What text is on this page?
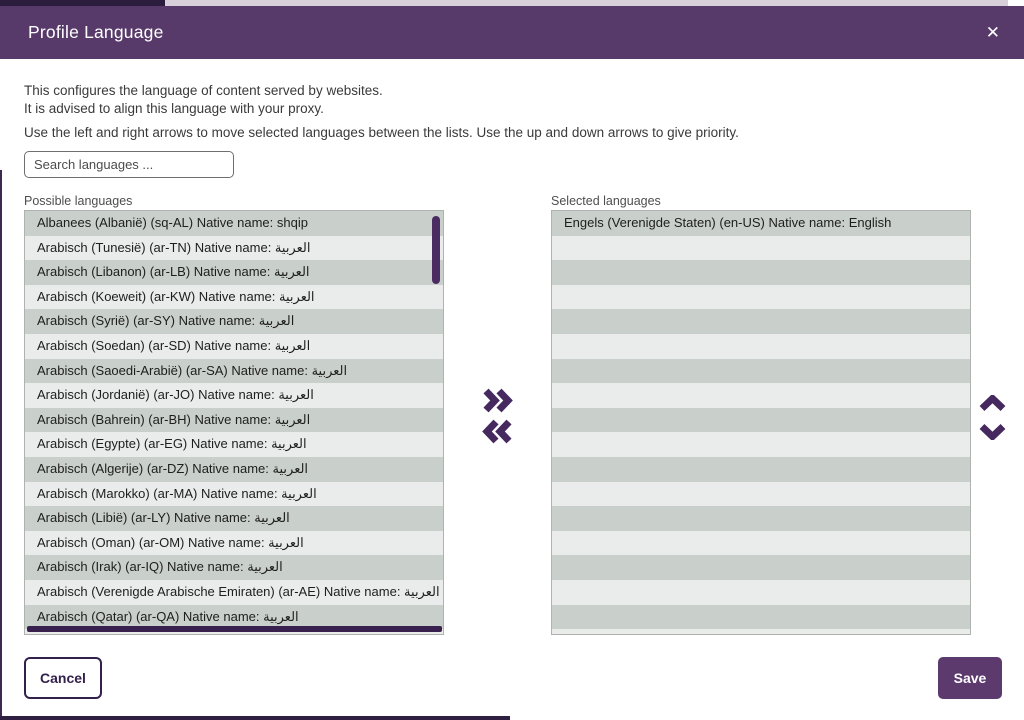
Profile Language	✕
This configures the language of content served by websites.
It is advised to align this language with your proxy.
Use the left and right arrows to move selected languages between the lists. Use the up and down arrows to give priority.
Search languages ...
Possible languages	Selected languages
Albanees (Albanië) (sq-AL) Native name: shqip
Arabisch (Tunesië) (ar-TN) Native name: العربية
Arabisch (Libanon) (ar-LB) Native name: العربية
Arabisch (Koeweit) (ar-KW) Native name: العربية
Arabisch (Syrië) (ar-SY) Native name: العربية
Arabisch (Soedan) (ar-SD) Native name: العربية
Arabisch (Saoedi-Arabië) (ar-SA) Native name: العربية
Arabisch (Jordanië) (ar-JO) Native name: العربية
Arabisch (Bahrein) (ar-BH) Native name: العربية
Arabisch (Egypte) (ar-EG) Native name: العربية
Arabisch (Algerije) (ar-DZ) Native name: العربية
Arabisch (Marokko) (ar-MA) Native name: العربية
Arabisch (Libië) (ar-LY) Native name: العربية
Arabisch (Oman) (ar-OM) Native name: العربية
Arabisch (Irak) (ar-IQ) Native name: العربية
Arabisch (Verenigde Arabische Emiraten) (ar-AE) Native name: العربية
Arabisch (Qatar) (ar-QA) Native name: العربية
Engels (Verenigde Staten) (en-US) Native name: English
Cancel	Save
